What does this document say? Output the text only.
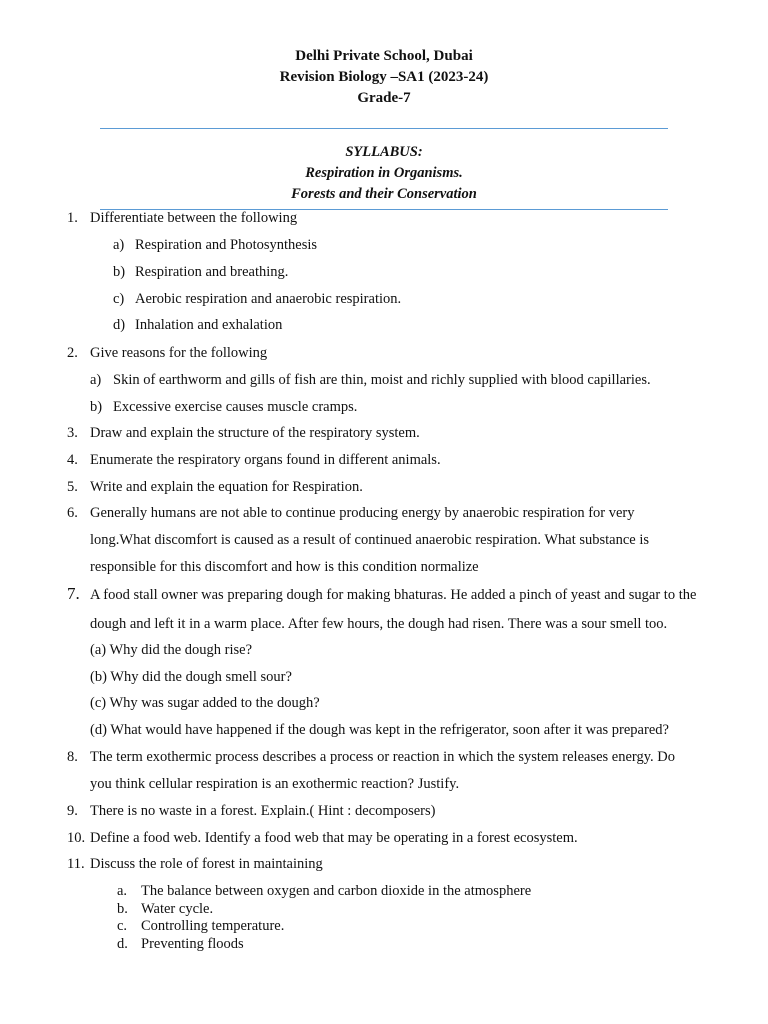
Delhi Private School, Dubai
Revision Biology –SA1 (2023-24)
Grade-7
SYLLABUS:
Respiration in Organisms.
Forests and their Conservation
1. Differentiate between the following
a) Respiration and Photosynthesis
b) Respiration and breathing.
c) Aerobic respiration and anaerobic respiration.
d) Inhalation and exhalation
2. Give reasons for the following
a) Skin of earthworm and gills of fish are thin, moist and richly supplied with blood capillaries.
b) Excessive exercise causes muscle cramps.
3. Draw and explain the structure of the respiratory system.
4. Enumerate the respiratory organs found in different animals.
5. Write and explain the equation for Respiration.
6. Generally humans are not able to continue producing energy by anaerobic respiration for very
long.What discomfort is caused as a result of continued anaerobic respiration. What substance is
responsible for this discomfort and how is this condition normalize
7. A food stall owner was preparing dough for making bhaturas. He added a pinch of yeast and sugar to the
dough and left it in a warm place. After few hours, the dough had risen. There was a sour smell too.
(a) Why did the dough rise?
(b) Why did the dough smell sour?
(c) Why was sugar added to the dough?
(d) What would have happened if the dough was kept in the refrigerator, soon after it was prepared?
8. The term exothermic process describes a process or reaction in which the system releases energy. Do
you think cellular respiration is an exothermic reaction? Justify.
9. There is no waste in a forest. Explain.( Hint : decomposers)
10. Define a food web. Identify a food web that may be operating in a forest ecosystem.
11. Discuss the role of forest in maintaining
a. The balance between oxygen and carbon dioxide in the atmosphere
b. Water cycle.
c. Controlling temperature.
d. Preventing floods
